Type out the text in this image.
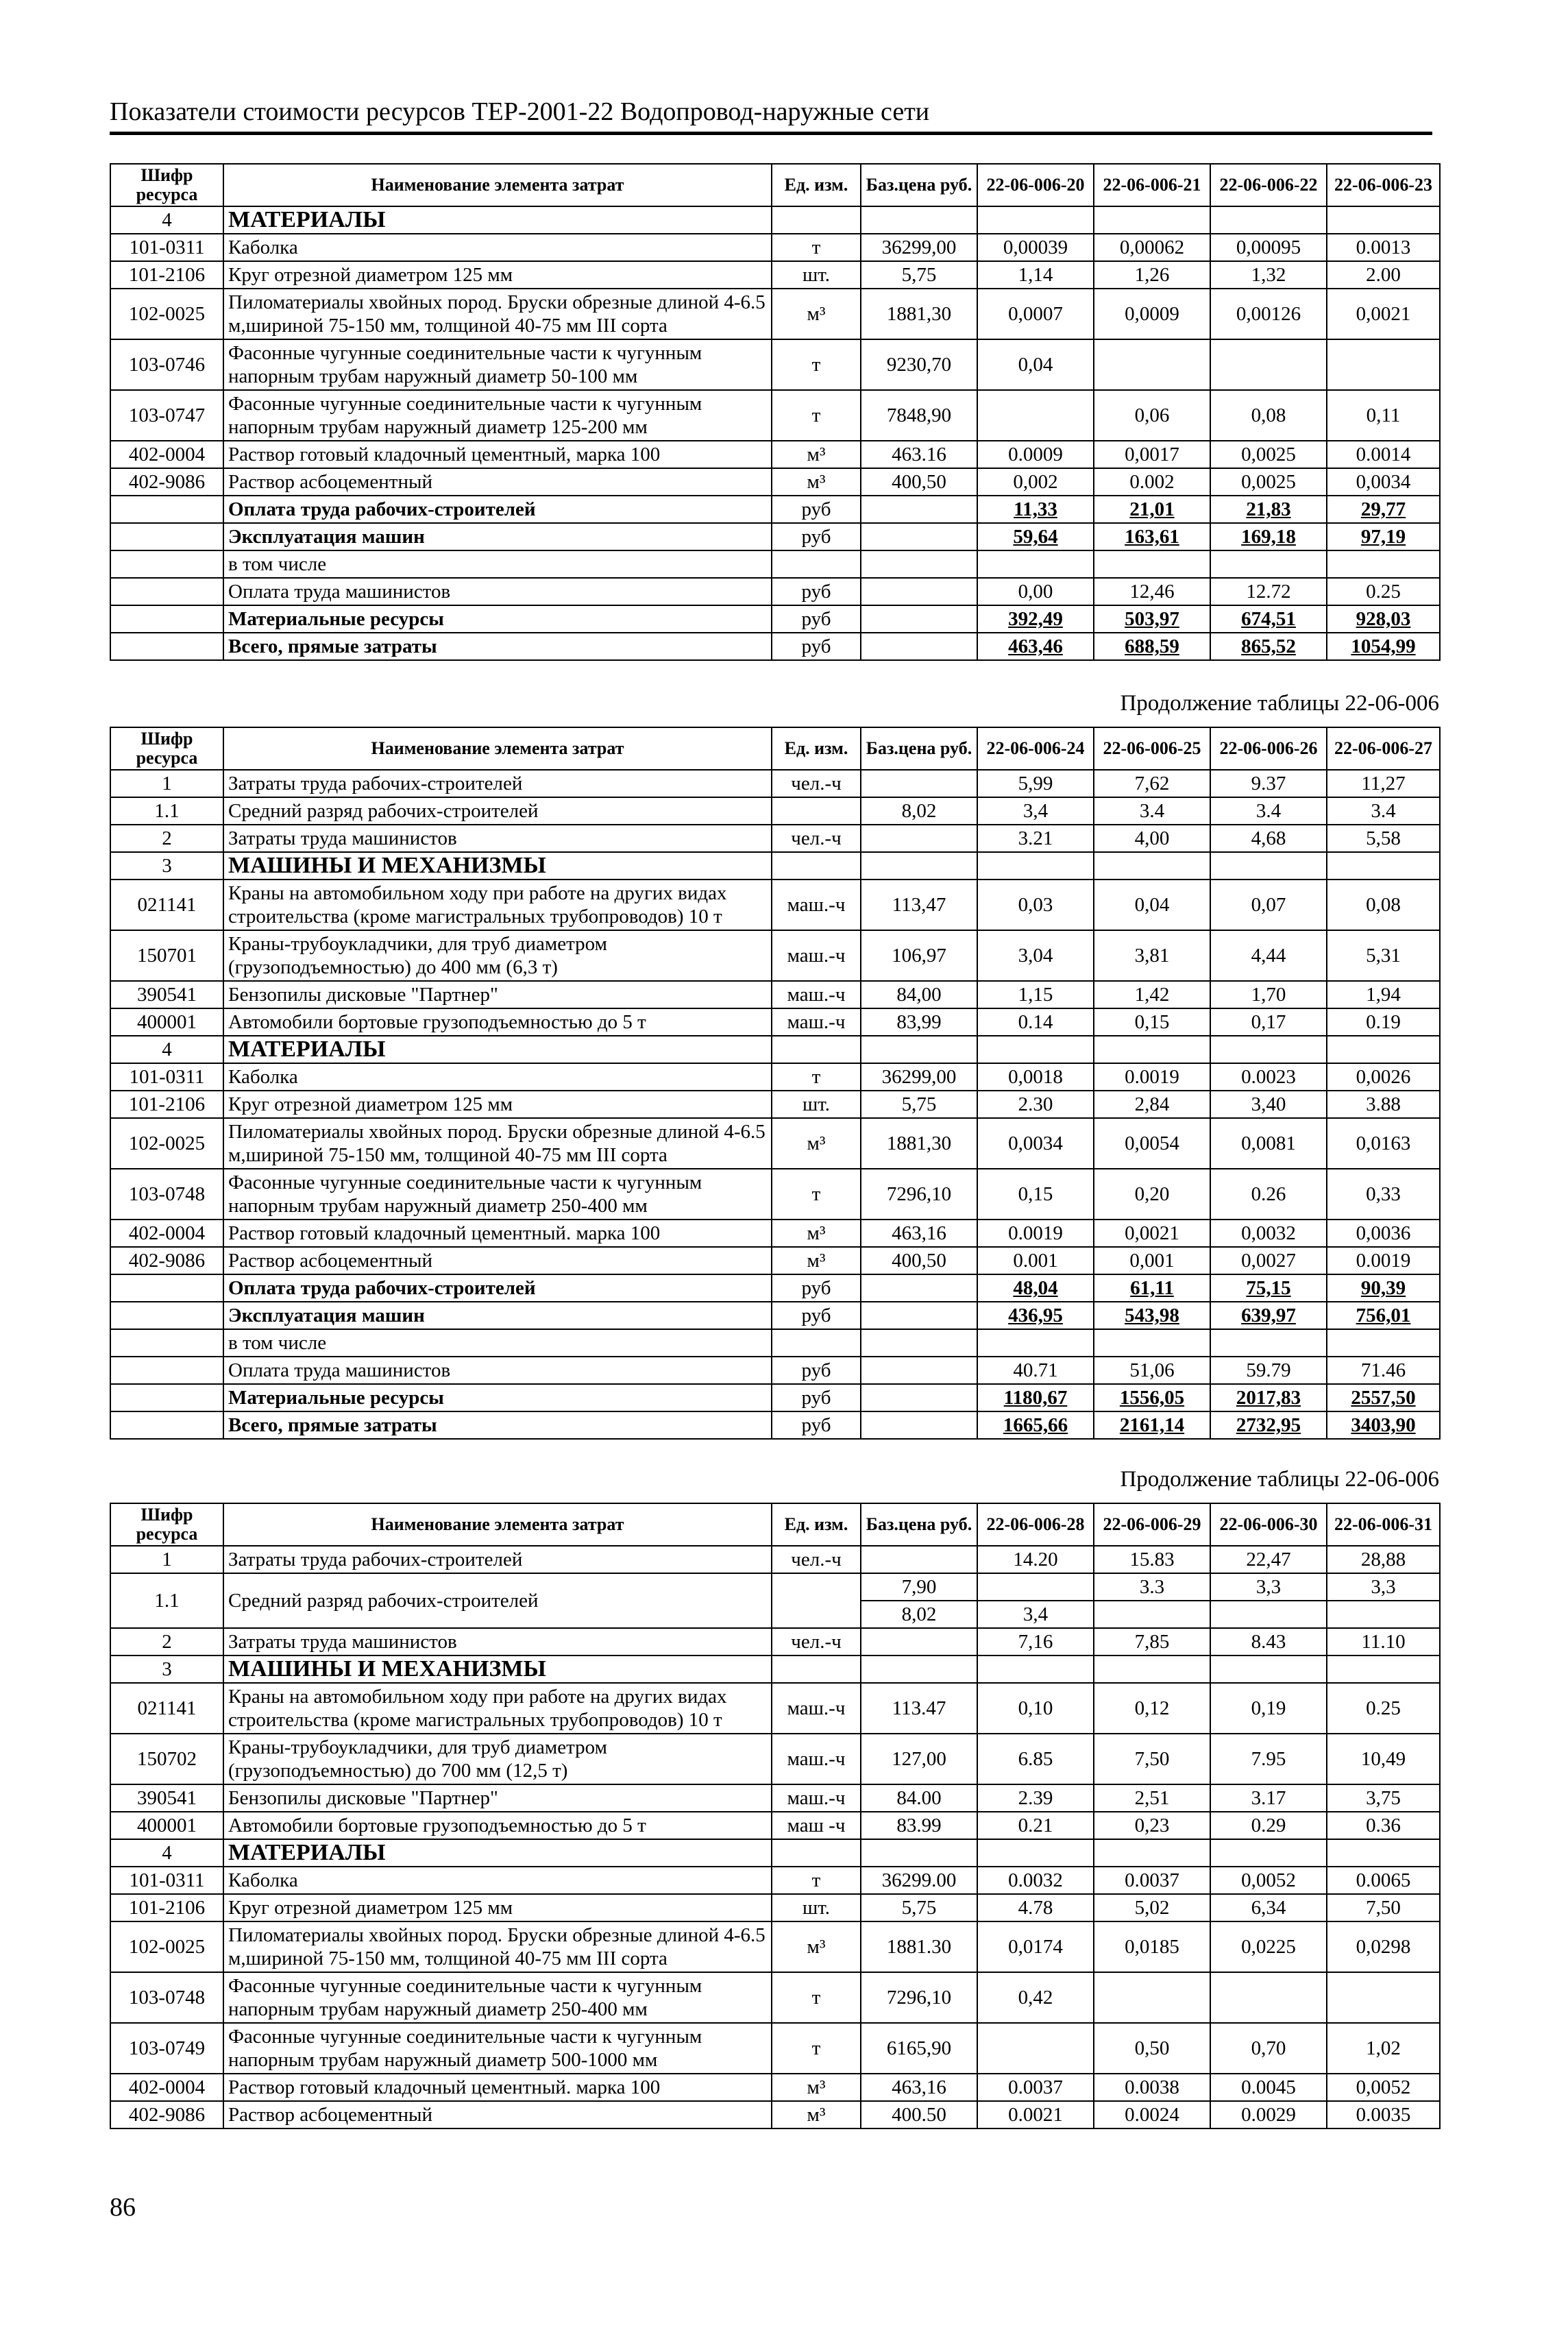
Показатели стоимости ресурсов ТЕР-2001-22 Водопровод-наружные сети
Шифр ресурса	Наименование элемента затрат	Ед. изм.	Баз.цена руб.	22-06-006-20	22-06-006-21	22-06-006-22	22-06-006-23
4	МАТЕРИАЛЫ						
101-0311	Каболка	т	36299,00	0,00039	0,00062	0,00095	0.0013
101-2106	Круг отрезной диаметром 125 мм	шт.	5,75	1,14	1,26	1,32	2.00
102-0025	Пиломатериалы хвойных пород. Бруски обрезные длиной 4-6.5 м,шириной 75-150 мм, толщиной 40-75 мм III сорта	м³	1881,30	0,0007	0,0009	0,00126	0,0021
103-0746	Фасонные чугунные соединительные части к чугунным напорным трубам наружный диаметр 50-100 мм	т	9230,70	0,04			
103-0747	Фасонные чугунные соединительные части к чугунным напорным трубам наружный диаметр 125-200 мм	т	7848,90		0,06	0,08	0,11
402-0004	Раствор готовый кладочный цементный, марка 100	м³	463.16	0.0009	0,0017	0,0025	0.0014
402-9086	Раствор асбоцементный	м³	400,50	0,002	0.002	0,0025	0,0034
	Оплата труда рабочих-строителей	руб		11,33	21,01	21,83	29,77
	Эксплуатация машин	руб		59,64	163,61	169,18	97,19
	в том числе						
	Оплата труда машинистов	руб		0,00	12,46	12.72	0.25
	Материальные ресурсы	руб		392,49	503,97	674,51	928,03
	Всего, прямые затраты	руб		463,46	688,59	865,52	1054,99
Продолжение таблицы 22-06-006
Шифр ресурса	Наименование элемента затрат	Ед. изм.	Баз.цена руб.	22-06-006-24	22-06-006-25	22-06-006-26	22-06-006-27
1	Затраты труда рабочих-строителей	чел.-ч		5,99	7,62	9.37	11,27
1.1	Средний разряд рабочих-строителей		8,02	3,4	3.4	3.4	3.4
2	Затраты труда машинистов	чел.-ч		3.21	4,00	4,68	5,58
3	МАШИНЫ И МЕХАНИЗМЫ						
021141	Краны на автомобильном ходу при работе на других видах строительства (кроме магистральных трубопроводов) 10 т	маш.-ч	113,47	0,03	0,04	0,07	0,08
150701	Краны-трубоукладчики, для труб диаметром (грузоподъемностью) до 400 мм (6,3 т)	маш.-ч	106,97	3,04	3,81	4,44	5,31
390541	Бензопилы дисковые "Партнер"	маш.-ч	84,00	1,15	1,42	1,70	1,94
400001	Автомобили бортовые грузоподъемностью до 5 т	маш.-ч	83,99	0.14	0,15	0,17	0.19
4	МАТЕРИАЛЫ						
101-0311	Каболка	т	36299,00	0,0018	0.0019	0.0023	0,0026
101-2106	Круг отрезной диаметром 125 мм	шт.	5,75	2.30	2,84	3,40	3.88
102-0025	Пиломатериалы хвойных пород. Бруски обрезные длиной 4-6.5 м,шириной 75-150 мм, толщиной 40-75 мм III сорта	м³	1881,30	0,0034	0,0054	0,0081	0,0163
103-0748	Фасонные чугунные соединительные части к чугунным напорным трубам наружный диаметр 250-400 мм	т	7296,10	0,15	0,20	0.26	0,33
402-0004	Раствор готовый кладочный цементный. марка 100	м³	463,16	0.0019	0,0021	0,0032	0,0036
402-9086	Раствор асбоцементный	м³	400,50	0.001	0,001	0,0027	0.0019
	Оплата труда рабочих-строителей	руб		48,04	61,11	75,15	90,39
	Эксплуатация машин	руб		436,95	543,98	639,97	756,01
	в том числе						
	Оплата труда машинистов	руб		40.71	51,06	59.79	71.46
	Материальные ресурсы	руб		1180,67	1556,05	2017,83	2557,50
	Всего, прямые затраты	руб		1665,66	2161,14	2732,95	3403,90
Продолжение таблицы 22-06-006
Шифр ресурса	Наименование элемента затрат	Ед. изм.	Баз.цена руб.	22-06-006-28	22-06-006-29	22-06-006-30	22-06-006-31
1	Затраты труда рабочих-строителей	чел.-ч		14.20	15.83	22,47	28,88
1.1	Средний разряд рабочих-строителей		7,90		3.3	3,3	3,3
			8,02	3,4			
2	Затраты труда машинистов	чел.-ч		7,16	7,85	8.43	11.10
3	МАШИНЫ И МЕХАНИЗМЫ						
021141	Краны на автомобильном ходу при работе на других видах строительства (кроме магистральных трубопроводов) 10 т	маш.-ч	113.47	0,10	0,12	0,19	0.25
150702	Краны-трубоукладчики, для труб диаметром (грузоподъемностью) до 700 мм (12,5 т)	маш.-ч	127,00	6.85	7,50	7.95	10,49
390541	Бензопилы дисковые "Партнер"	маш.-ч	84.00	2.39	2,51	3.17	3,75
400001	Автомобили бортовые грузоподъемностью до 5 т	маш -ч	83.99	0.21	0,23	0.29	0.36
4	МАТЕРИАЛЫ						
101-0311	Каболка	т	36299.00	0.0032	0.0037	0,0052	0.0065
101-2106	Круг отрезной диаметром 125 мм	шт.	5,75	4.78	5,02	6,34	7,50
102-0025	Пиломатериалы хвойных пород. Бруски обрезные длиной 4-6.5 м,шириной 75-150 мм, толщиной 40-75 мм III сорта	м³	1881.30	0,0174	0,0185	0,0225	0,0298
103-0748	Фасонные чугунные соединительные части к чугунным напорным трубам наружный диаметр 250-400 мм	т	7296,10	0,42			
103-0749	Фасонные чугунные соединительные части к чугунным напорным трубам наружный диаметр 500-1000 мм	т	6165,90		0,50	0,70	1,02
402-0004	Раствор готовый кладочный цементный. марка 100	м³	463,16	0.0037	0.0038	0.0045	0,0052
402-9086	Раствор асбоцементный	м³	400.50	0.0021	0.0024	0.0029	0.0035
86
